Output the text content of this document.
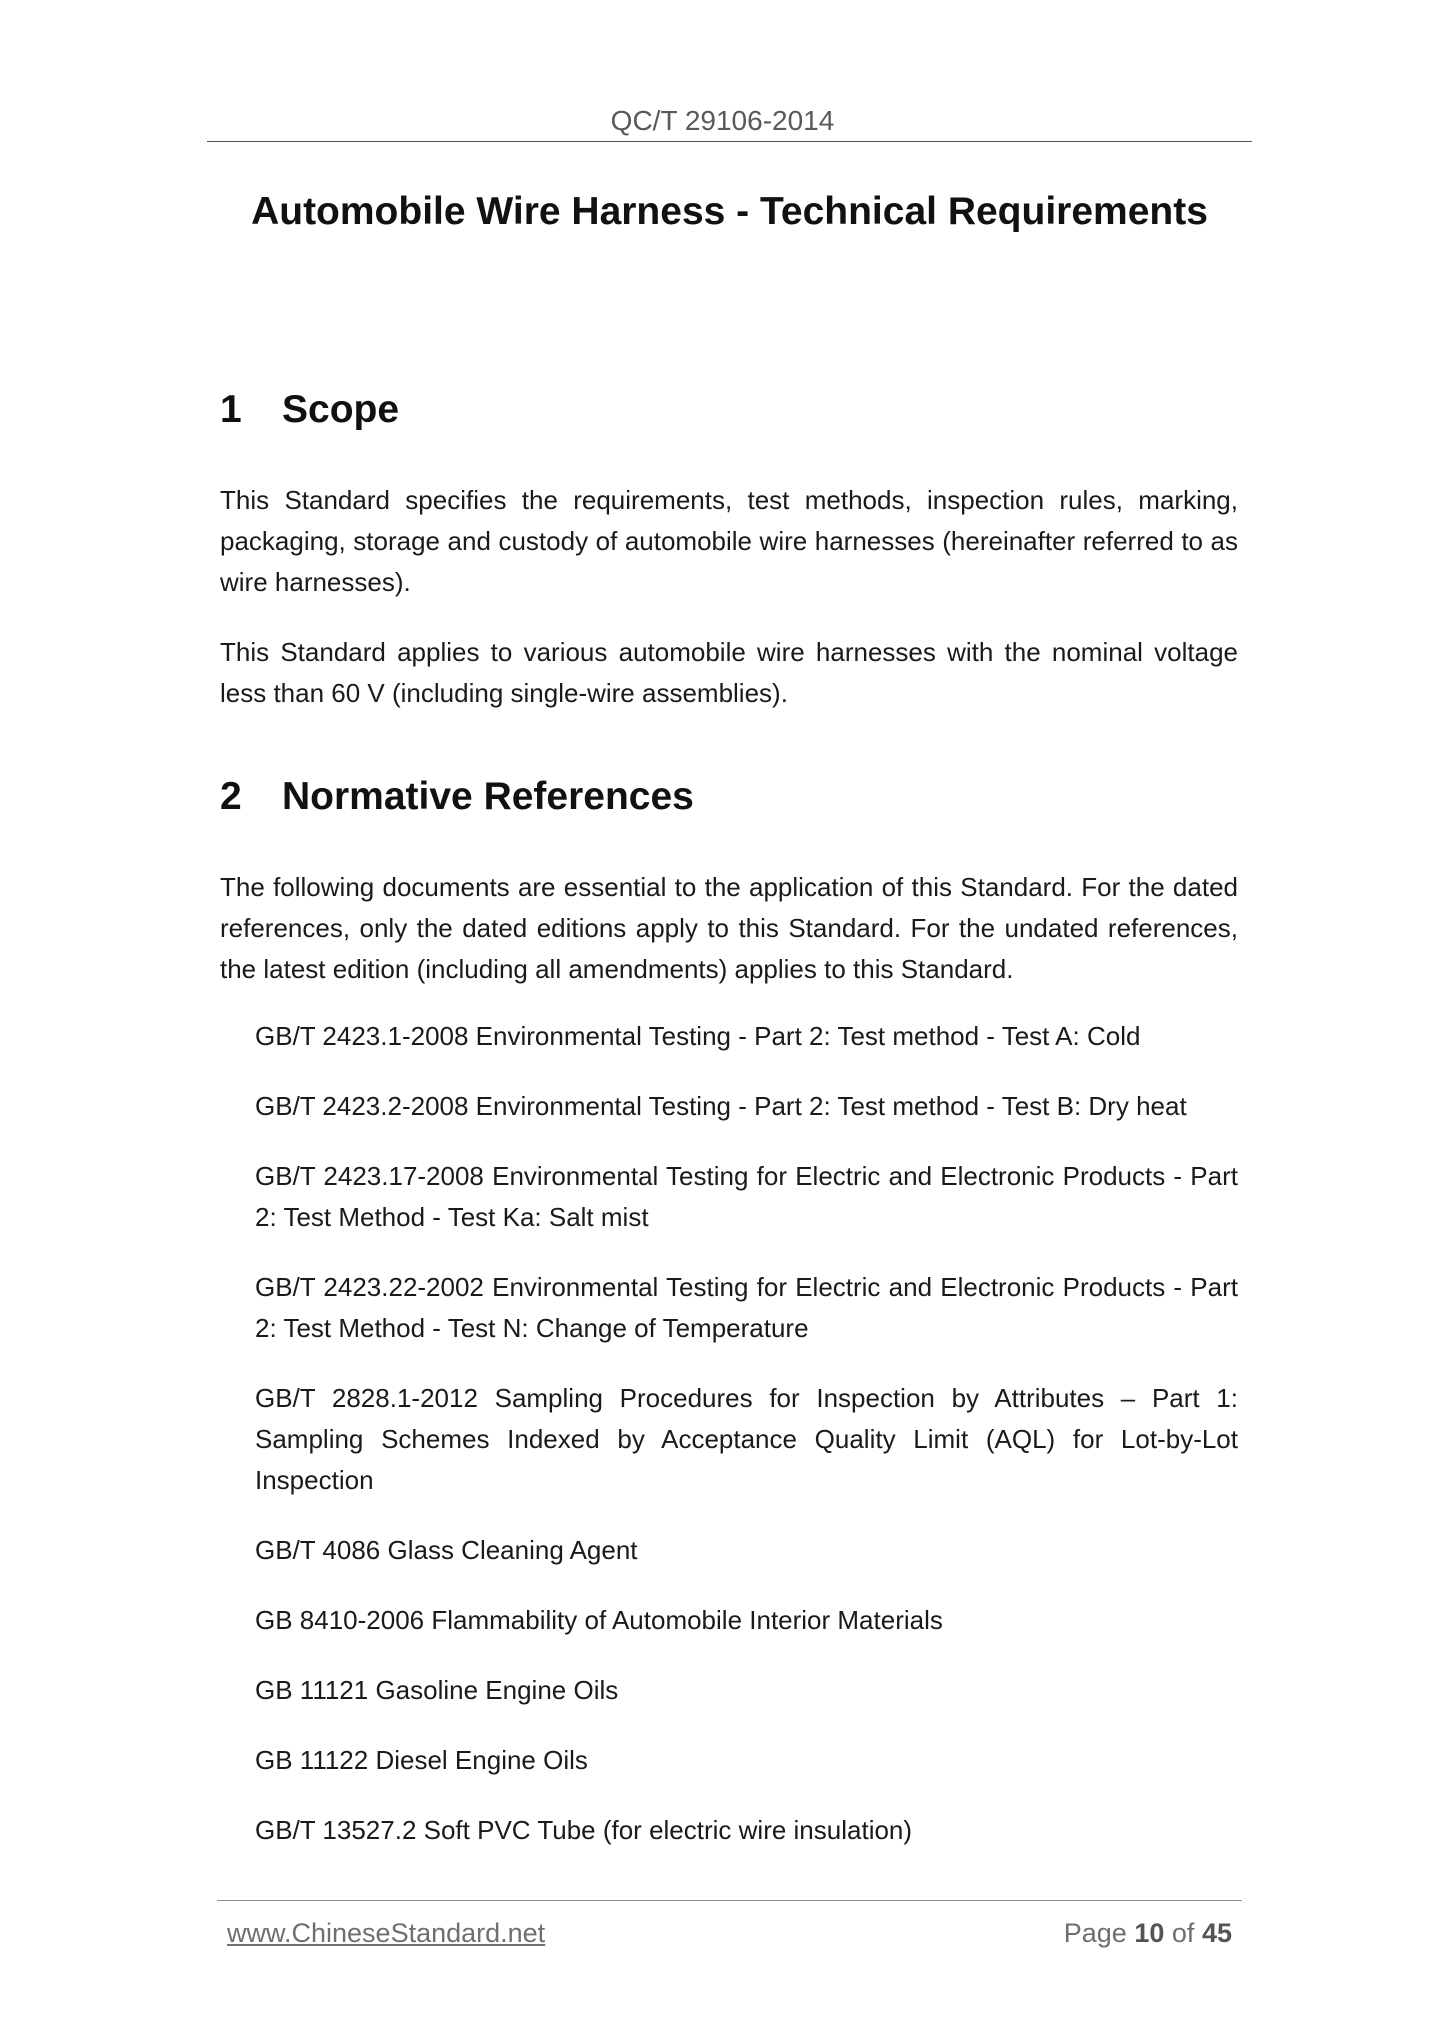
QC/T 29106-2014
Automobile Wire Harness - Technical Requirements
1 Scope
This Standard specifies the requirements, test methods, inspection rules, marking, packaging, storage and custody of automobile wire harnesses (hereinafter referred to as wire harnesses).
This Standard applies to various automobile wire harnesses with the nominal voltage less than 60 V (including single-wire assemblies).
2 Normative References
The following documents are essential to the application of this Standard. For the dated references, only the dated editions apply to this Standard. For the undated references, the latest edition (including all amendments) applies to this Standard.
GB/T 2423.1-2008 Environmental Testing - Part 2: Test method - Test A: Cold
GB/T 2423.2-2008 Environmental Testing - Part 2: Test method - Test B: Dry heat
GB/T 2423.17-2008 Environmental Testing for Electric and Electronic Products - Part 2: Test Method - Test Ka: Salt mist
GB/T 2423.22-2002 Environmental Testing for Electric and Electronic Products - Part 2: Test Method - Test N: Change of Temperature
GB/T 2828.1-2012 Sampling Procedures for Inspection by Attributes – Part 1: Sampling Schemes Indexed by Acceptance Quality Limit (AQL) for Lot-by-Lot Inspection
GB/T 4086 Glass Cleaning Agent
GB 8410-2006 Flammability of Automobile Interior Materials
GB 11121 Gasoline Engine Oils
GB 11122 Diesel Engine Oils
GB/T 13527.2 Soft PVC Tube (for electric wire insulation)
www.ChineseStandard.net	Page 10 of 45
